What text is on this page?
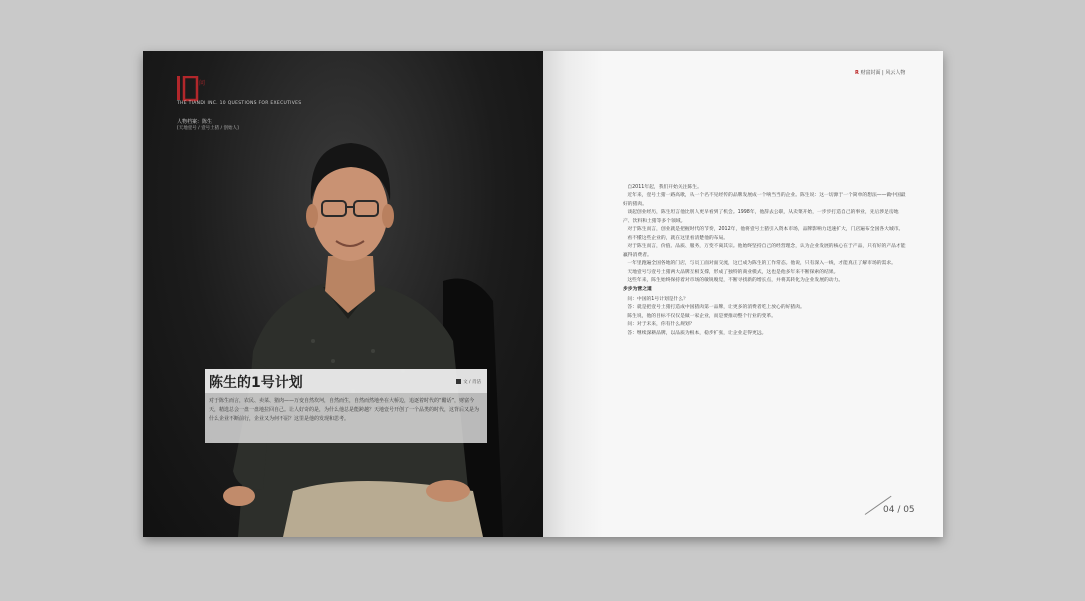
问
THE TIANDI INC. 10 QUESTIONS FOR EXECUTIVES
人物档案：陈生
[天地壹号 / 壹号土猪 / 创始人]
陈生的1号计划	文 / 肖洁
对于陈生而言，农民、卖菜、猪肉——万变自然坎坷，自然而生，自然而然地坐在大桥边，追逐着时代的“醋话”，财富今天，精选总会一盘一盘地拉回自己。让人好奇的是，为什么他总是能跨越？天地壹号开创了一个品类的时代，这背后又是为什么企业不断前行，企业又为何不屈？这里是他的发现和思考。
R 财富封面 | 风云人物

自2011年起，我们开始关注陈生。

近年来，壹号土猪一路高歌，从一个名不见经传的品牌发展成一个响当当的企业。陈生说：这一切源于一个简单的想法——做中国最好的猪肉。

谈起创业经历，陈生坦言他比别人更早看到了机会。1998年，他辞去公职，从卖菜开始，一步步打造自己的事业，先后涉足房地产、饮料和土猪等多个领域。

对于陈生而言，创业就是把握时代的节奏，2012年，他将壹号土猪引入资本市场，品牌影响力迅速扩大，门店遍布全国各大城市。

看不懂这些企业的，就在这里看清楚他的布局。

对于陈生而言，价值、品质、服务，万变不离其宗。他始终坚持自己的经营理念，认为企业发展的核心在于产品，只有好的产品才能赢得消费者。

一年里跑遍全国各地的门店，与员工面对面交流，这已成为陈生的工作常态。他说，只有深入一线，才能真正了解市场的需求。

天地壹号与壹号土猪两大品牌互相支撑，形成了独特的商业模式，这也是他多年来不断探索的结果。

这些年来，陈生始终保持着对市场的敏锐嗅觉，不断寻找新的增长点，并将其转化为企业发展的动力。

步步为营之道

问：中国的1号计划是什么？

答：就是把壹号土猪打造成中国猪肉第一品牌，让更多的消费者吃上放心的好猪肉。

陈生说，他的目标不仅仅是做一家企业，而是要推动整个行业的变革。

问：对于未来，你有什么规划？

答：继续深耕品牌，以品质为根本，稳步扩张，让企业走得更远。

04 / 05
